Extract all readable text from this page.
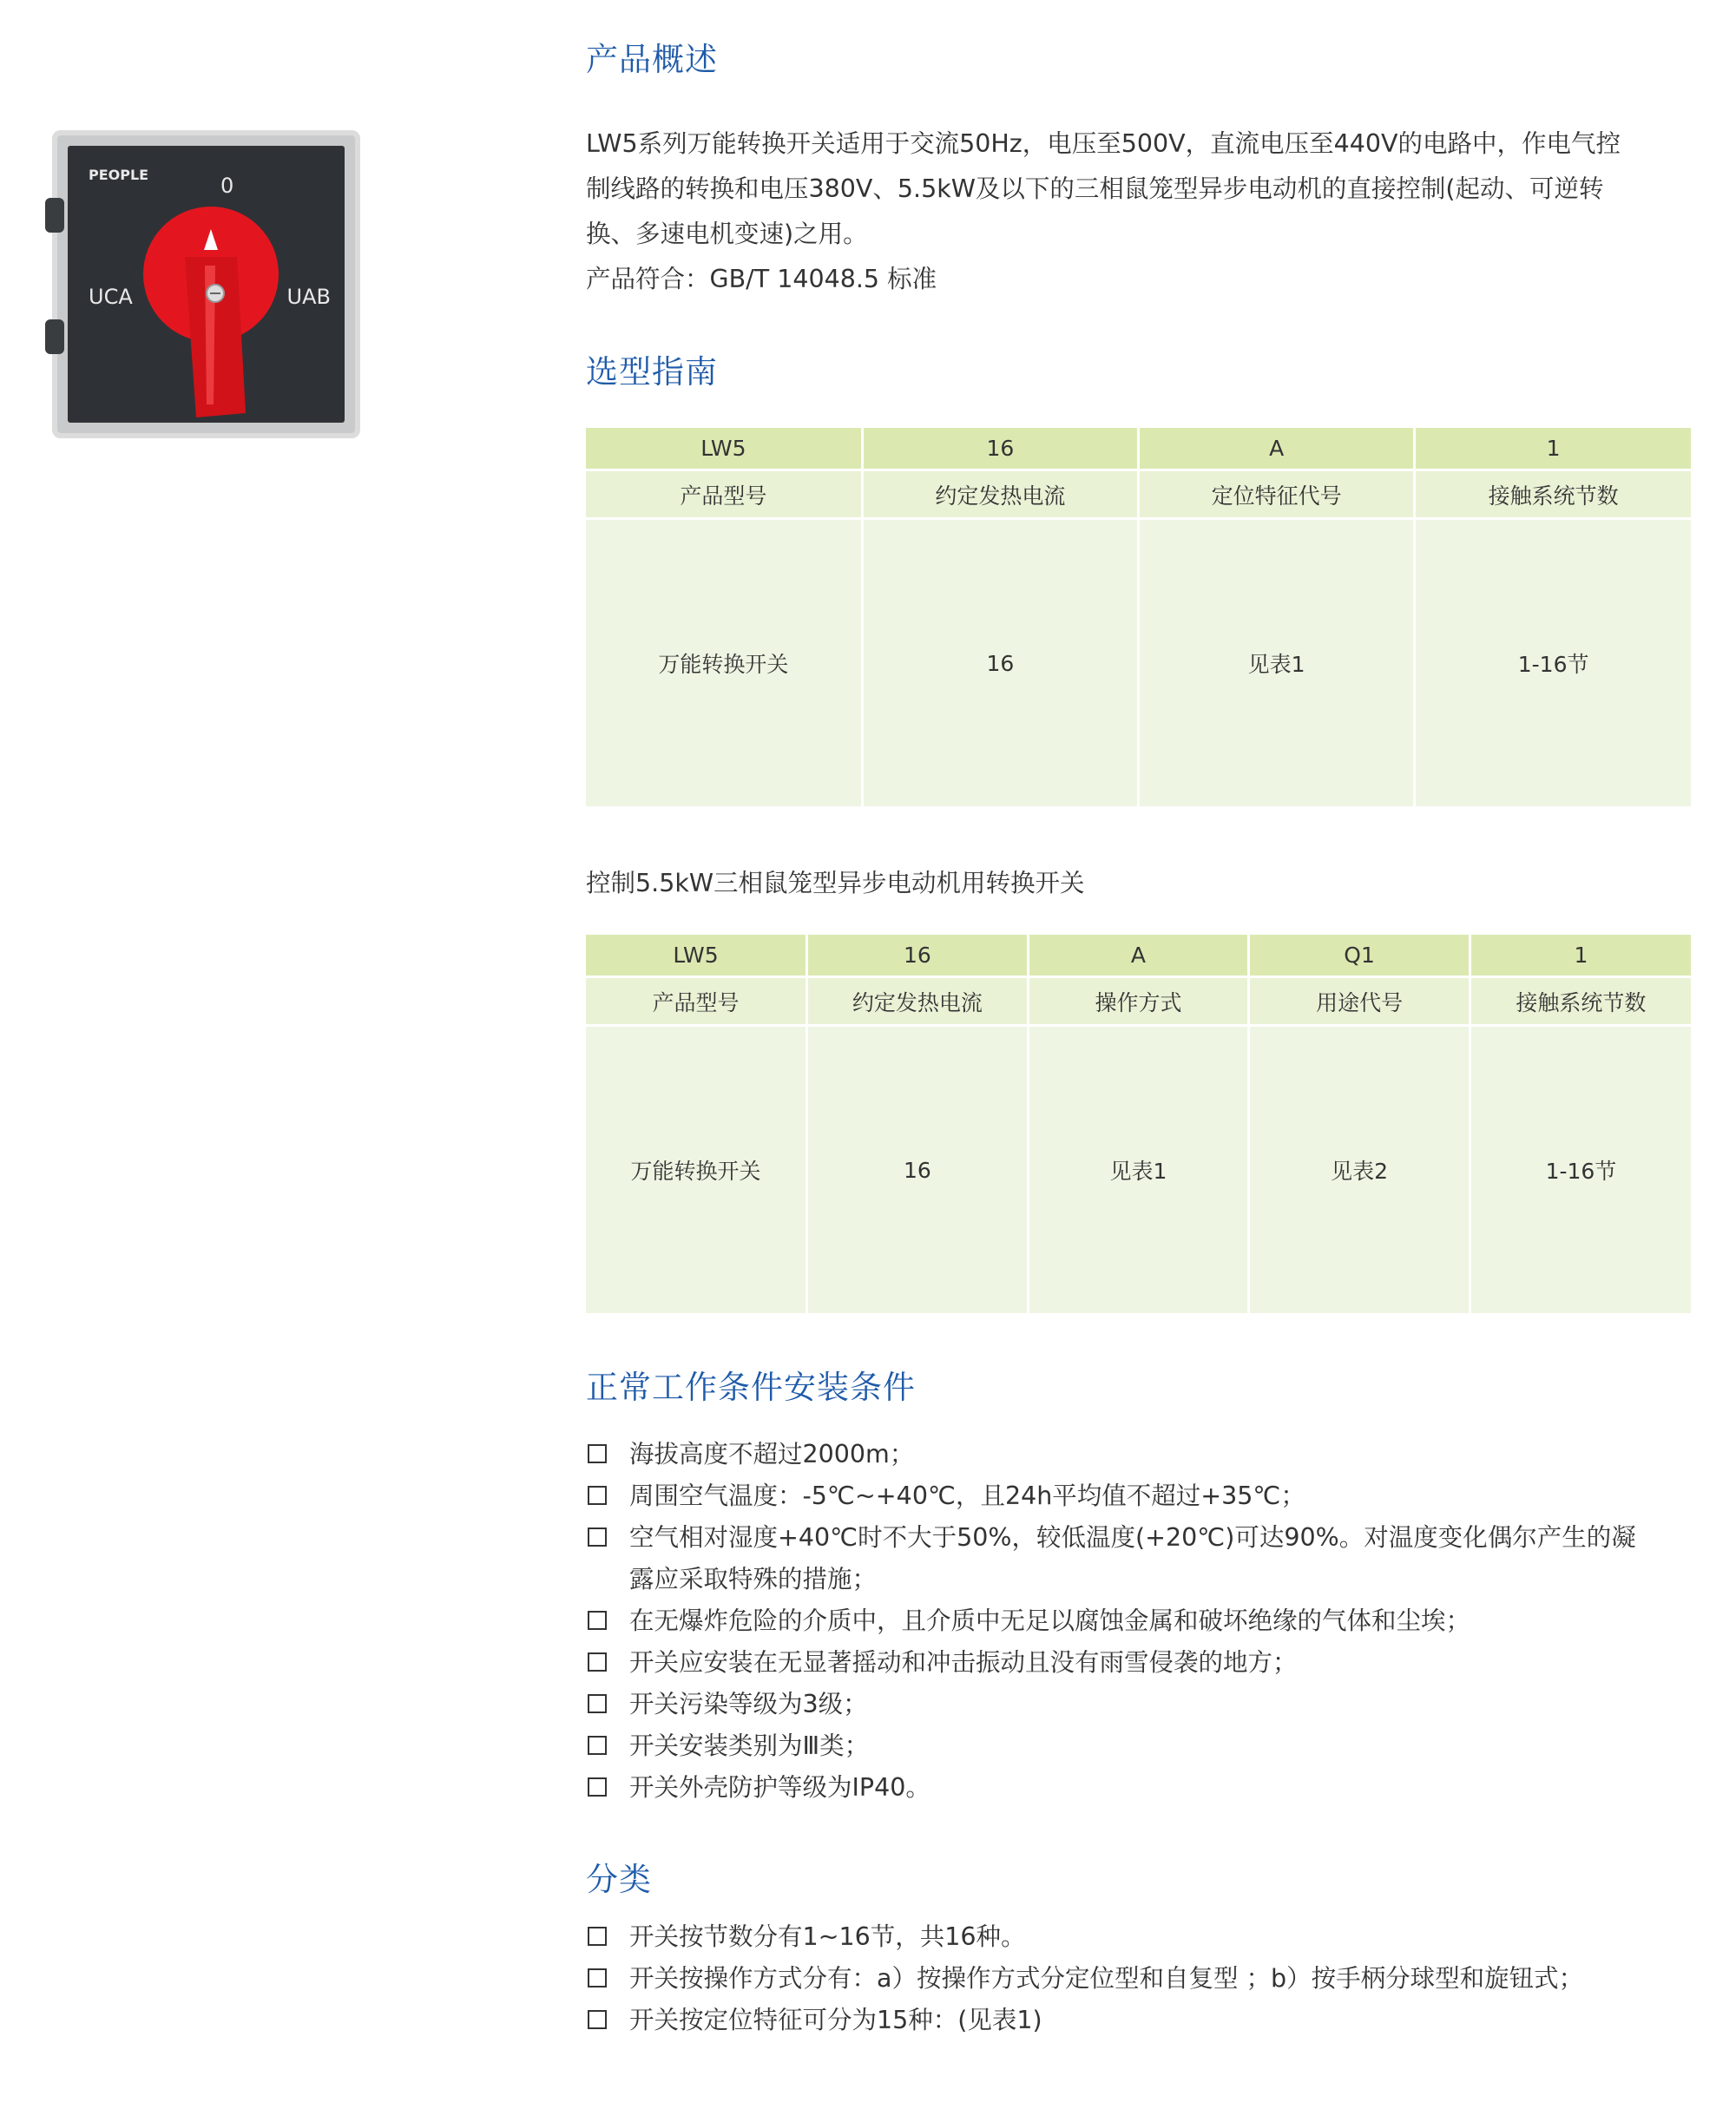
PEOPLE	0
UCA	UAB
产品概述
LW5系列万能转换开关适用于交流50Hz，电压至500V，直流电压至440V的电路中，作电气控
制线路的转换和电压380V、5.5kW及以下的三相鼠笼型异步电动机的直接控制(起动、可逆转
换、多速电机变速)之用。
产品符合：GB/T 14048.5 标准
选型指南
LW5	16	A	1
产品型号	约定发热电流	定位特征代号	接触系统节数
万能转换开关	16	见表1	1-16节

控制5.5kW三相鼠笼型异步电动机用转换开关

LW5	16	A	Q1	1
产品型号	约定发热电流	操作方式	用途代号	接触系统节数
万能转换开关	16	见表1	见表2	1-16节
正常工作条件安装条件
海拔高度不超过2000m；
周围空气温度：-5℃~+40℃，且24h平均值不超过+35℃；
空气相对湿度+40℃时不大于50%，较低温度(+20℃)可达90%。对温度变化偶尔产生的凝
露应采取特殊的措施；
在无爆炸危险的介质中，且介质中无足以腐蚀金属和破坏绝缘的气体和尘埃；
开关应安装在无显著摇动和冲击振动且没有雨雪侵袭的地方；
开关污染等级为3级；
开关安装类别为Ⅲ类；
开关外壳防护等级为IP40。
分类
开关按节数分有1~16节，共16种。
开关按操作方式分有：a）按操作方式分定位型和自复型 ；b）按手柄分球型和旋钮式；
开关按定位特征可分为15种：(见表1)
